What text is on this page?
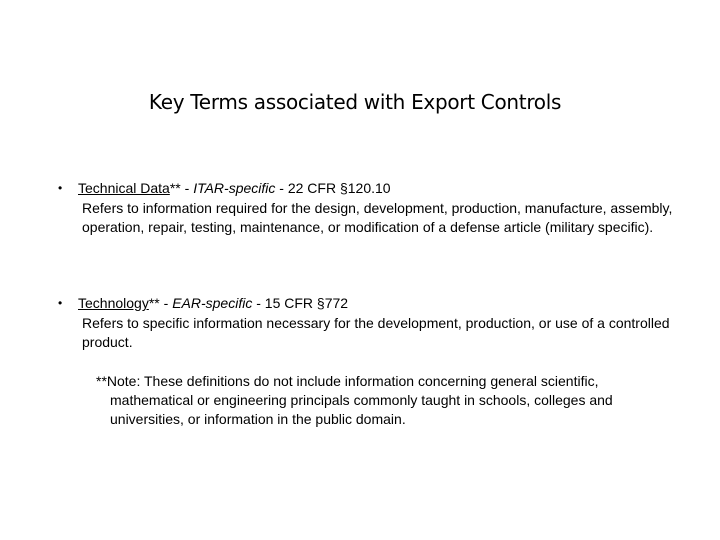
Key Terms associated with Export Controls
•	Technical Data** - ITAR-specific - 22 CFR §120.10
Refers to information required for the design, development, production, manufacture, assembly, operation, repair, testing, maintenance, or modification of a defense article (military specific).
•	Technology** - EAR-specific - 15 CFR §772
Refers to specific information necessary for the development, production, or use of a controlled product.
**Note: These definitions do not include information concerning general scientific, mathematical or engineering principals commonly taught in schools, colleges and universities, or information in the public domain.
